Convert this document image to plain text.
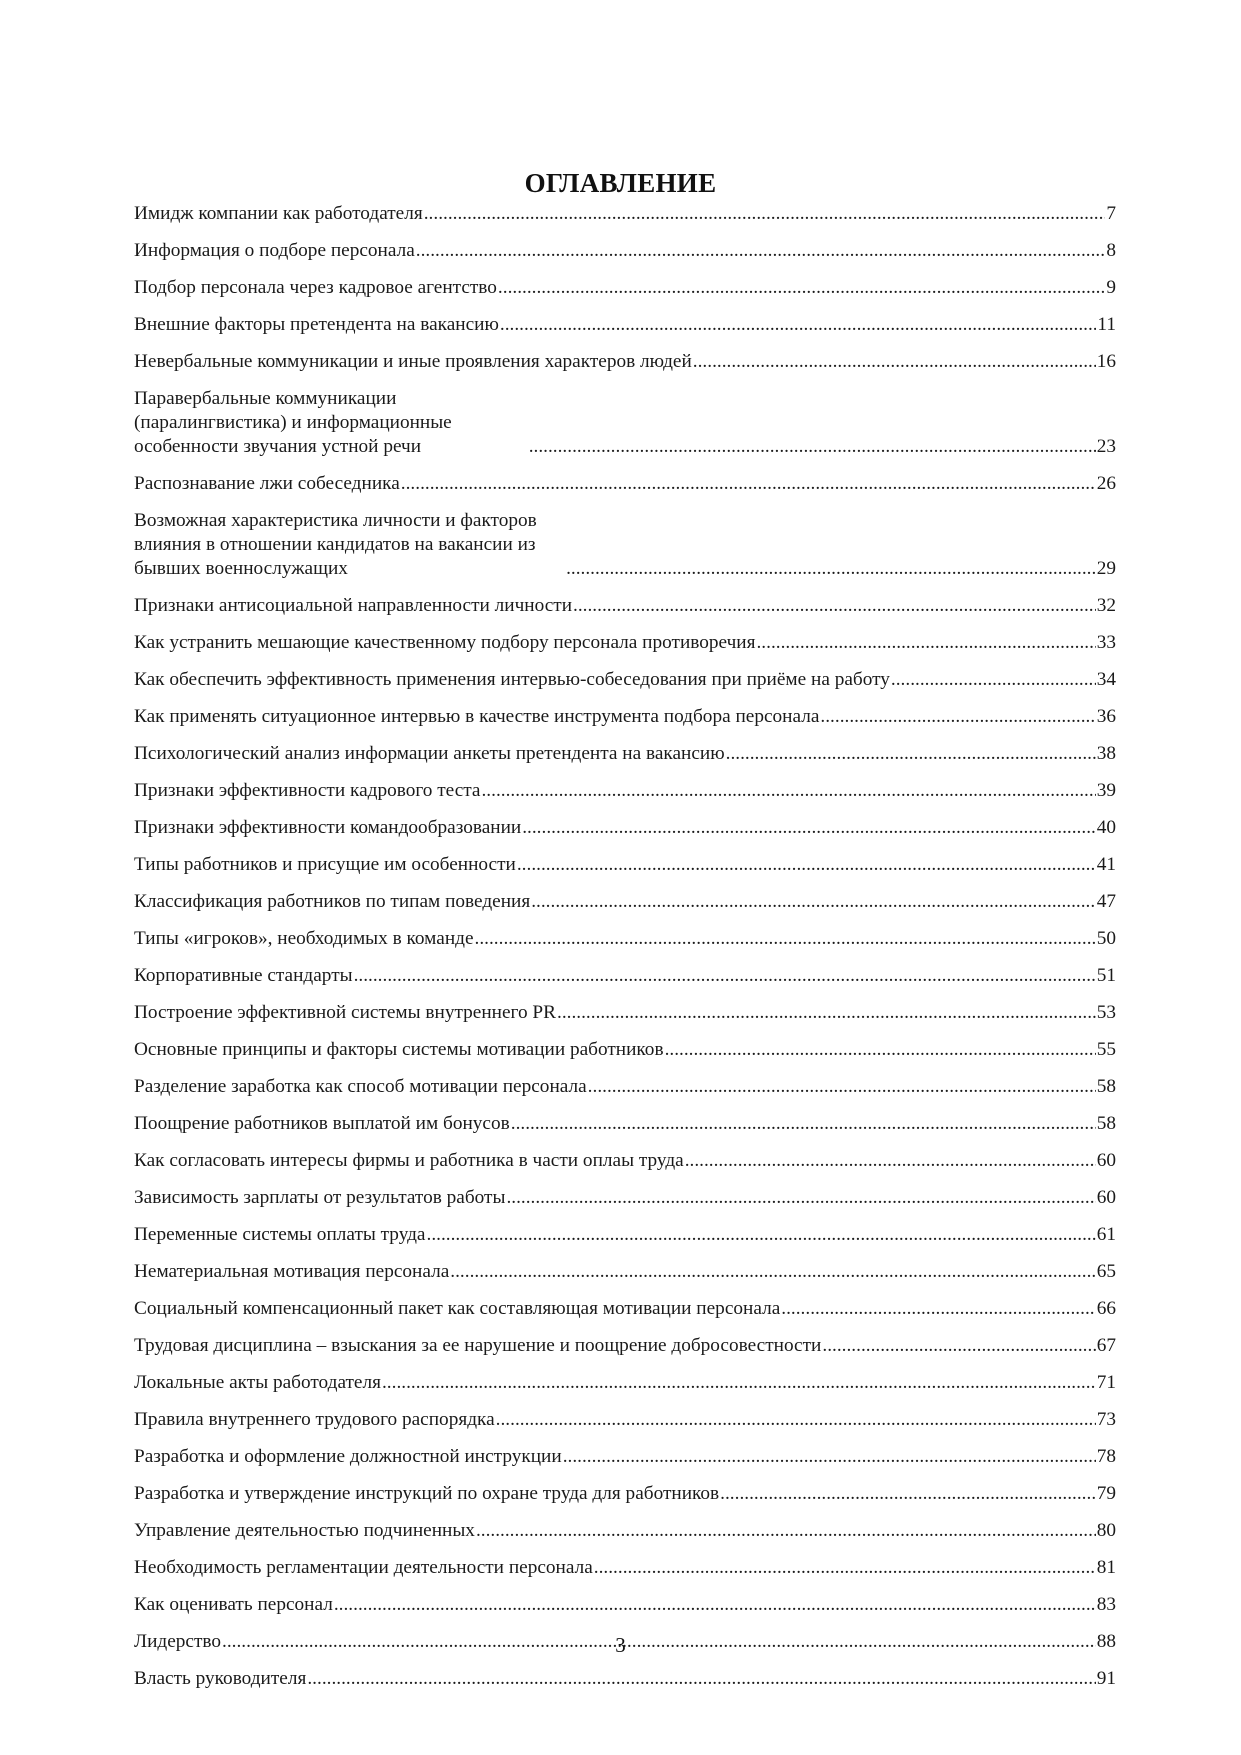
ОГЛАВЛЕНИЕ
Имидж компании как работодателя .....	7
Информация о подборе персонала .....	8
Подбор персонала через кадровое агентство .....	9
Внешние факторы претендента на вакансию .....	11
Невербальные коммуникации и иные проявления характеров людей .....	16
Паравербальные коммуникации (паралингвистика) и информационные особенности звучания устной речи .....	23
Распознавание лжи собеседника .....	26
Возможная характеристика личности и факторов влияния в отношении кандидатов на вакансии из бывших военнослужащих .....	29
Признаки антисоциальной направленности личности .....	32
Как устранить мешающие качественному подбору персонала противоречия .....	33
Как обеспечить эффективность применения интервью-собеседования при приёме на работу .....	34
Как применять ситуационное интервью в качестве инструмента подбора персонала .....	36
Психологический анализ информации анкеты претендента на вакансию .....	38
Признаки эффективности кадрового теста .....	39
Признаки эффективности командообразовании .....	40
Типы работников и присущие им особенности .....	41
Классификация работников по типам поведения .....	47
Типы «игроков», необходимых в команде .....	50
Корпоративные стандарты .....	51
Построение эффективной системы внутреннего PR .....	53
Основные принципы и факторы системы мотивации работников .....	55
Разделение заработка как способ мотивации персонала .....	58
Поощрение работников выплатой им бонусов .....	58
Как согласовать интересы фирмы и работника в части оплаы труда .....	60
Зависимость зарплаты от результатов работы .....	60
Переменные системы оплаты труда .....	61
Нематериальная мотивация персонала .....	65
Социальный компенсационный пакет как составляющая мотивации персонала .....	66
Трудовая дисциплина – взыскания за ее нарушение и поощрение добросовестности .....	67
Локальные акты работодателя .....	71
Правила внутреннего трудового распорядка .....	73
Разработка и оформление должностной инструкции .....	78
Разработка и утверждение инструкций по охране труда для работников .....	79
Управление деятельностью подчиненных .....	80
Необходимость регламентации деятельности персонала .....	81
Как оценивать персонал .....	83
Лидерство .....	88
Власть руководителя .....	91
3
